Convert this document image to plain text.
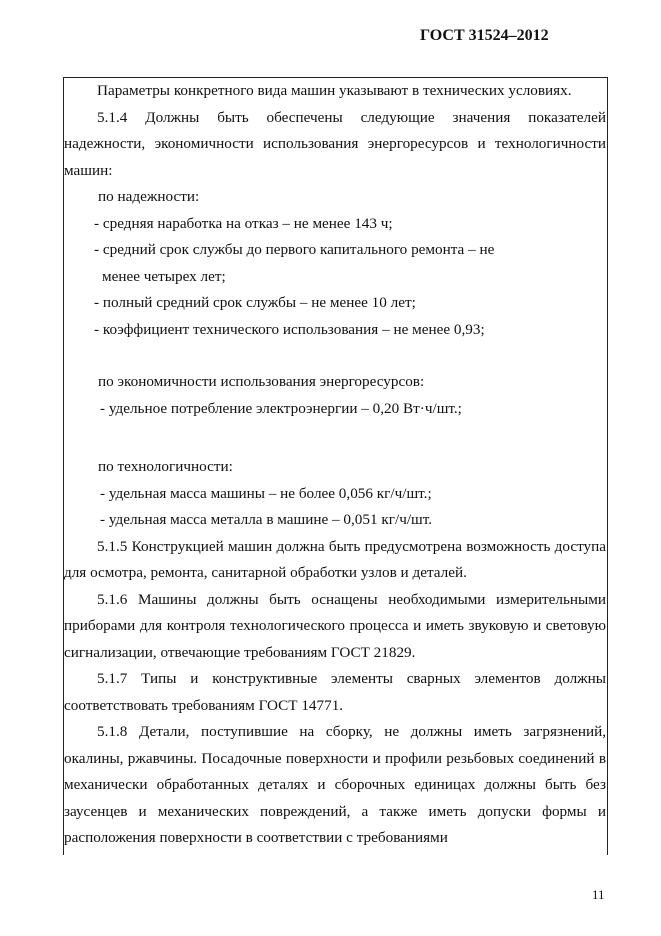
ГОСТ 31524–2012

Параметры конкретного вида машин указывают в технических условиях.

5.1.4 Должны быть обеспечены следующие значения показателей надежности, экономичности использования энергоресурсов и технологичности машин:

по надежности:

- средняя наработка на отказ – не менее 143 ч;

- средний срок службы до первого капитального ремонта – не

менее четырех лет;

- полный средний срок службы – не менее 10 лет;

- коэффициент технического использования – не менее 0,93;

по экономичности использования энергоресурсов:

- удельное потребление электроэнергии – 0,20 Вт·ч/шт.;

по технологичности:

- удельная масса машины – не более 0,056 кг/ч/шт.;

- удельная масса металла в машине – 0,051 кг/ч/шт.

5.1.5 Конструкцией машин должна быть предусмотрена возможность доступа для осмотра, ремонта, санитарной обработки узлов и деталей.

5.1.6 Машины должны быть оснащены необходимыми измерительными приборами для контроля технологического процесса и иметь звуковую и световую сигнализации, отвечающие требованиям ГОСТ 21829.

5.1.7 Типы и конструктивные элементы сварных элементов должны соответствовать требованиям ГОСТ 14771.

5.1.8 Детали, поступившие на сборку, не должны иметь загрязнений, окалины, ржавчины. Посадочные поверхности и профили резьбовых соединений в механически обработанных деталях и сборочных единицах должны быть без заусенцев и механических повреждений, а также иметь допуски формы и расположения поверхности в соответствии с требованиями

11
